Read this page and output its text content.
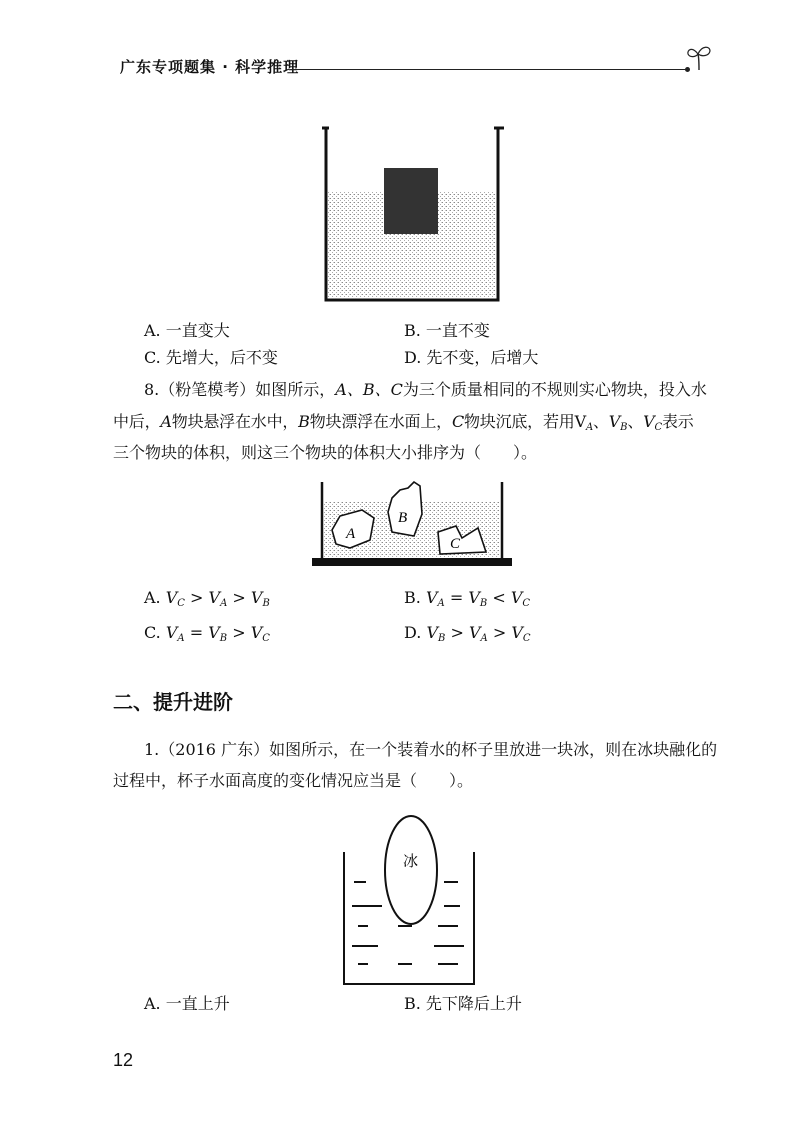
广东专项题集 · 科学推理
A. 一直变大	B. 一直不变
C. 先增大，后不变	D. 先不变，后增大
8.（粉笔模考）如图所示，A、B、C为三个质量相同的不规则实心物块，投入水
中后，A物块悬浮在水中，B物块漂浮在水面上，C物块沉底，若用$V_A$、$V_B$、$V_C$表示
三个物块的体积，则这三个物块的体积大小排序为（　　）。
A
B
C
A. $V_C > V_A > V_B$	B. $V_A = V_B < V_C$
C. $V_A = V_B > V_C$	D. $V_B > V_A > V_C$
二、提升进阶
1.（2016 广东）如图所示，在一个装着水的杯子里放进一块冰，则在冰块融化的
过程中，杯子水面高度的变化情况应当是（　　）。
冰
A. 一直上升	B. 先下降后上升
12
